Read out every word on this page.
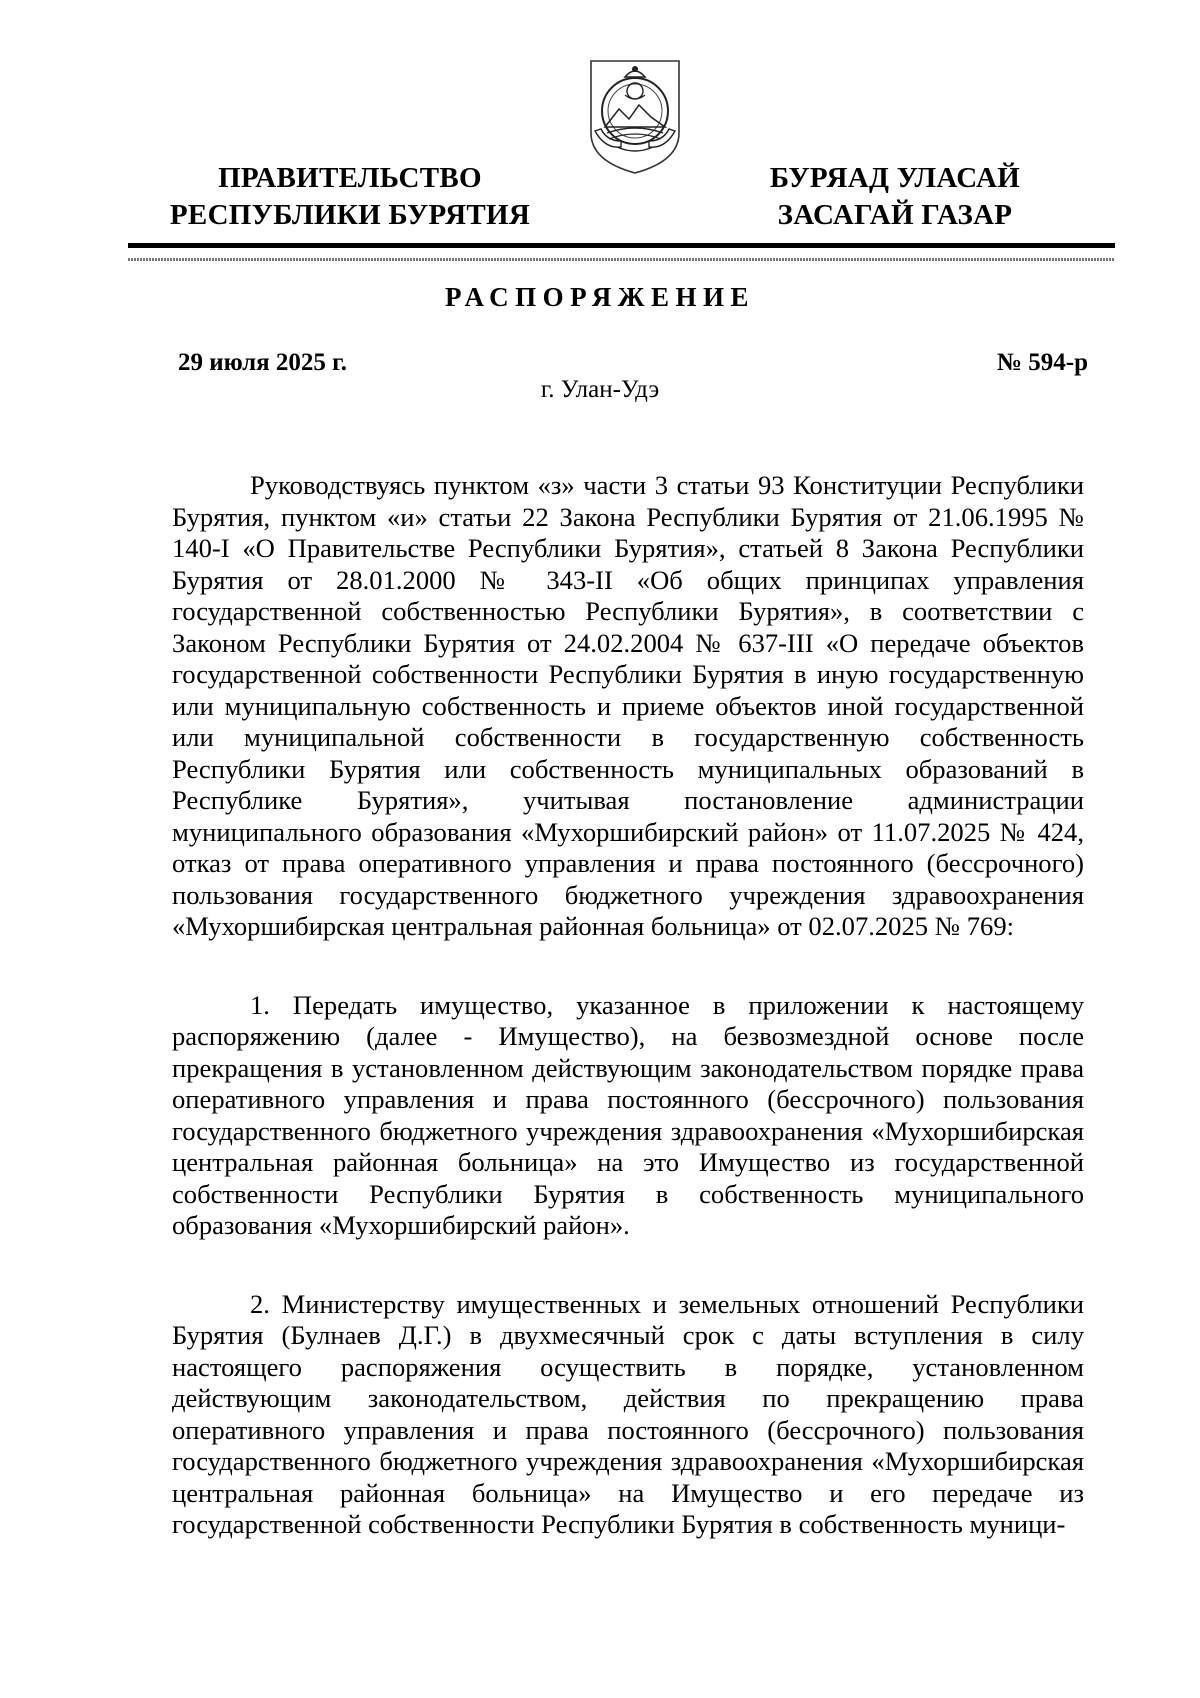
ПРАВИТЕЛЬСТВО
РЕСПУБЛИКИ БУРЯТИЯ
БУРЯАД УЛАСАЙ
ЗАСАГАЙ ГАЗАР
РАСПОРЯЖЕНИЕ
29 июля 2025 г.	№ 594-р
г. Улан-Удэ

Руководствуясь пунктом «з» части 3 статьи 93 Конституции Республики Бурятия, пунктом «и» статьи 22 Закона Республики Бурятия от 21.06.1995 № 140-I «О Правительстве Республики Бурятия», статьей 8 Закона Республики Бурятия от 28.01.2000 № 343-II «Об общих принципах управления государственной собственностью Республики Бурятия», в соответствии с Законом Республики Бурятия от 24.02.2004 № 637-III «О передаче объектов государственной собственности Республики Бурятия в иную государственную или муниципальную собственность и приеме объектов иной государственной или муниципальной собственности в государственную собственность Республики Бурятия или собственность муниципальных образований в Республике Бурятия», учитывая постановление администрации муниципального образования «Мухоршибирский район» от 11.07.2025 № 424, отказ от права оперативного управления и права постоянного (бессрочного) пользования государственного бюджетного учреждения здравоохранения «Мухоршибирская центральная районная больница» от 02.07.2025 № 769:

1. Передать имущество, указанное в приложении к настоящему распоряжению (далее - Имущество), на безвозмездной основе после прекращения в установленном действующим законодательством порядке права оперативного управления и права постоянного (бессрочного) пользования государственного бюджетного учреждения здравоохранения «Мухоршибирская центральная районная больница» на это Имущество из государственной собственности Республики Бурятия в собственность муниципального образования «Мухоршибирский район».

2. Министерству имущественных и земельных отношений Республики Бурятия (Булнаев Д.Г.) в двухмесячный срок с даты вступления в силу настоящего распоряжения осуществить в порядке, установленном действующим законодательством, действия по прекращению права оперативного управления и права постоянного (бессрочного) пользования государственного бюджетного учреждения здравоохранения «Мухоршибирская центральная районная больница» на Имущество и его передаче из государственной собственности Республики Бурятия в собственность муници-
